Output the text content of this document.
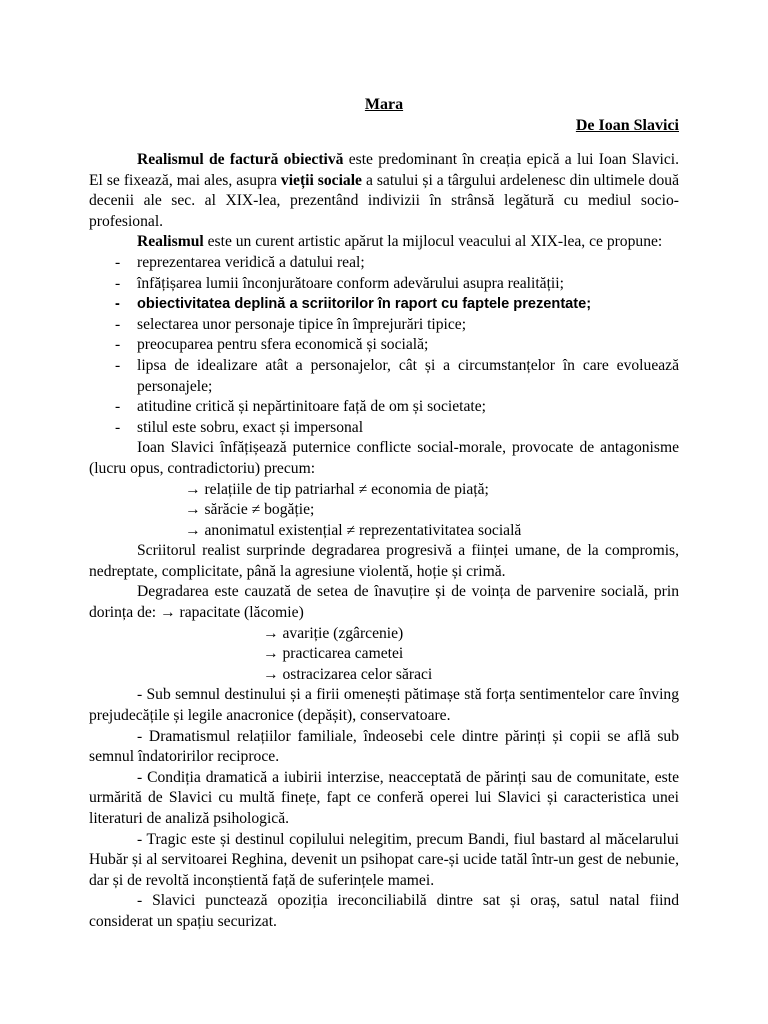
Mara

De Ioan Slavici

Realismul de factură obiectivă este predominant în creația epică a lui Ioan Slavici. El se fixează, mai ales, asupra vieții sociale a satului și a târgului ardelenesc din ultimele două decenii ale sec. al XIX-lea, prezentând indivizii în strânsă legătură cu mediul socio-profesional.

Realismul este un curent artistic apărut la mijlocul veacului al XIX-lea, ce propune:

- reprezentarea veridică a datului real;
- înfățișarea lumii înconjurătoare conform adevărului asupra realității;
- obiectivitatea deplină a scriitorilor în raport cu faptele prezentate;
- selectarea unor personaje tipice în împrejurări tipice;
- preocuparea pentru sfera economică și socială;
- lipsa de idealizare atât a personajelor, cât și a circumstanțelor în care evoluează personajele;
- atitudine critică și nepărtinitoare față de om și societate;
- stilul este sobru, exact și impersonal

Ioan Slavici înfățișează puternice conflicte social-morale, provocate de antagonisme (lucru opus, contradictoriu) precum:

→ relațiile de tip patriarhal ≠ economia de piață;

→ sărăcie ≠ bogăție;

→ anonimatul existențial ≠ reprezentativitatea socială

Scriitorul realist surprinde degradarea progresivă a ființei umane, de la compromis, nedreptate, complicitate, până la agresiune violentă, hoție și crimă.

Degradarea este cauzată de setea de înavuțire și de voința de parvenire socială, prin dorința de: → rapacitate (lăcomie)

→ avariție (zgârcenie)

→ practicarea cametei

→ ostracizarea celor săraci

- Sub semnul destinului și a firii omenești pătimașe stă forța sentimentelor care înving prejudecățile și legile anacronice (depășit), conservatoare.

- Dramatismul relațiilor familiale, îndeosebi cele dintre părinți și copii se află sub semnul îndatoririlor reciproce.

- Condiția dramatică a iubirii interzise, neacceptată de părinți sau de comunitate, este urmărită de Slavici cu multă finețe, fapt ce conferă operei lui Slavici și caracteristica unei literaturi de analiză psihologică.

- Tragic este și destinul copilului nelegitim, precum Bandi, fiul bastard al măcelarului Hubăr și al servitoarei Reghina, devenit un psihopat care-și ucide tatăl într-un gest de nebunie, dar și de revoltă inconștientă față de suferințele mamei.

- Slavici punctează opoziția ireconciliabilă dintre sat și oraș, satul natal fiind considerat un spațiu securizat.
